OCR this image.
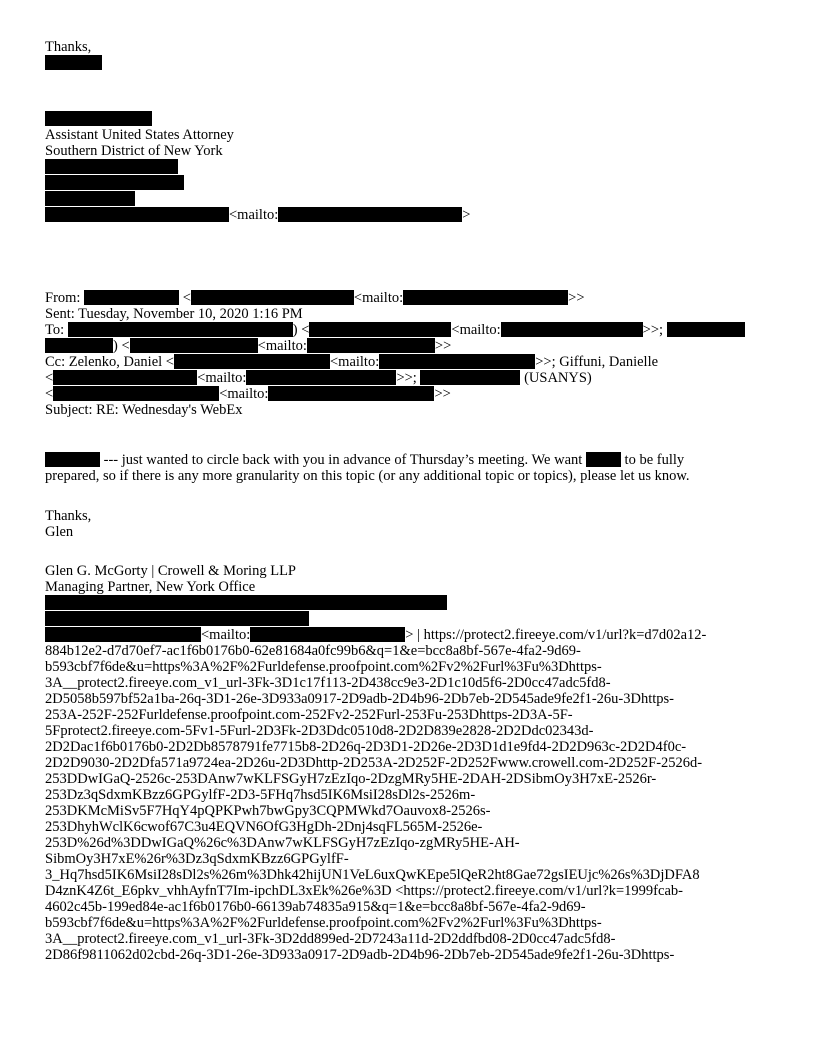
Thanks,
Assistant United States Attorney
Southern District of New York
<mailto:	>
From:	<	<mailto:	>>
Sent: Tuesday, November 10, 2020 1:16 PM
To:	) <	<mailto:	>>;
) <	<mailto:	>>
Cc: Zelenko, Daniel <	<mailto:	>>; Giffuni, Danielle
<	<mailto:	>>;	(USANYS)
<	<mailto:	>>
Subject: RE: Wednesday's WebEx
--- just wanted to circle back with you in advance of Thursday’s meeting. We want	to be fully
prepared, so if there is any more granularity on this topic (or any additional topic or topics), please let us know.
Thanks,
Glen
Glen G. McGorty | Crowell & Moring LLP
Managing Partner, New York Office
<mailto:	> | https://protect2.fireeye.com/v1/url?k=d7d02a12-
884b12e2-d7d70ef7-ac1f6b0176b0-62e81684a0fc99b6&q=1&e=bcc8a8bf-567e-4fa2-9d69-
b593cbf7f6de&u=https%3A%2F%2Furldefense.proofpoint.com%2Fv2%2Furl%3Fu%3Dhttps-
3A__protect2.fireeye.com_v1_url-3Fk-3D1c17f113-2D438cc9e3-2D1c10d5f6-2D0cc47adc5fd8-
2D5058b597bf52a1ba-26q-3D1-26e-3D933a0917-2D9adb-2D4b96-2Db7eb-2D545ade9fe2f1-26u-3Dhttps-
253A-252F-252Furldefense.proofpoint.com-252Fv2-252Furl-253Fu-253Dhttps-2D3A-5F-
5Fprotect2.fireeye.com-5Fv1-5Furl-2D3Fk-2D3Ddc0510d8-2D2D839e2828-2D2Ddc02343d-
2D2Dac1f6b0176b0-2D2Db8578791fe7715b8-2D26q-2D3D1-2D26e-2D3D1d1e9fd4-2D2D963c-2D2D4f0c-
2D2D9030-2D2Dfa571a9724ea-2D26u-2D3Dhttp-2D253A-2D252F-2D252Fwww.crowell.com-2D252F-2526d-
253DDwIGaQ-2526c-253DAnw7wKLFSGyH7zEzIqo-2DzgMRy5HE-2DAH-2DSibmOy3H7xE-2526r-
253Dz3qSdxmKBzz6GPGylfF-2D3-5FHq7hsd5IK6MsiI28sDl2s-2526m-
253DKMcMiSv5F7HqY4pQPKPwh7bwGpy3CQPMWkd7Oauvox8-2526s-
253DhyhWclK6cwof67C3u4EQVN6OfG3HgDh-2Dnj4sqFL565M-2526e-
253D%26d%3DDwIGaQ%26c%3DAnw7wKLFSGyH7zEzIqo-zgMRy5HE-AH-
SibmOy3H7xE%26r%3Dz3qSdxmKBzz6GPGylfF-
3_Hq7hsd5IK6MsiI28sDl2s%26m%3Dhk42hijUN1VeL6uxQwKEpe5lQeR2ht8Gae72gsIEUjc%26s%3DjDFA8
D4znK4Z6t_E6pkv_vhhAyfnT7Im-ipchDL3xEk%26e%3D <https://protect2.fireeye.com/v1/url?k=1999fcab-
4602c45b-199ed84e-ac1f6b0176b0-66139ab74835a915&q=1&e=bcc8a8bf-567e-4fa2-9d69-
b593cbf7f6de&u=https%3A%2F%2Furldefense.proofpoint.com%2Fv2%2Furl%3Fu%3Dhttps-
3A__protect2.fireeye.com_v1_url-3Fk-3D2dd899ed-2D7243a11d-2D2ddfbd08-2D0cc47adc5fd8-
2D86f9811062d02cbd-26q-3D1-26e-3D933a0917-2D9adb-2D4b96-2Db7eb-2D545ade9fe2f1-26u-3Dhttps-
